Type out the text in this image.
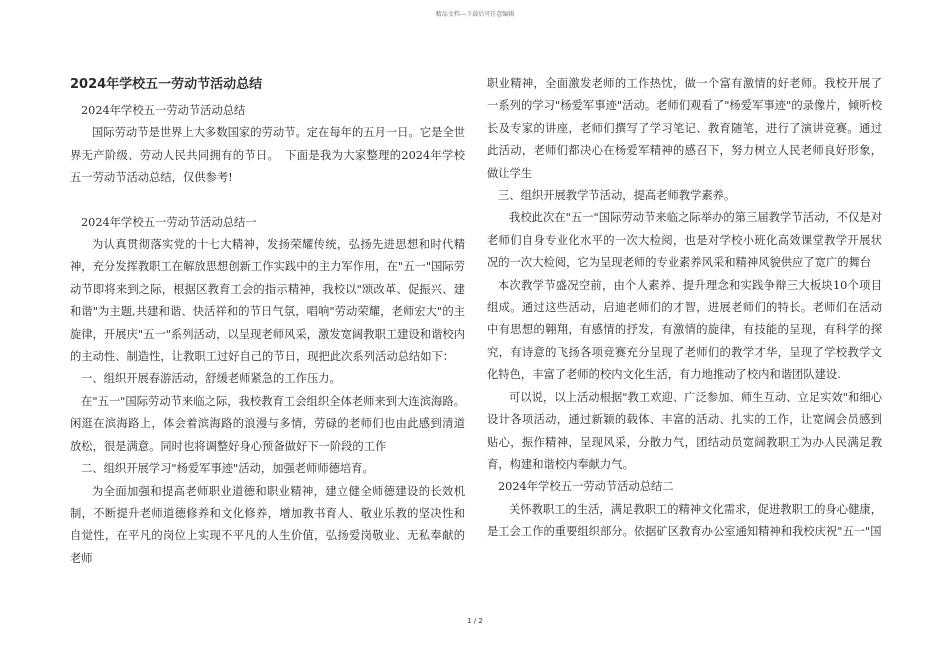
精品文档---下载后可任意编辑

2024年学校五一劳动节活动总结

2024年学校五一劳动节活动总结

国际劳动节是世界上大多数国家的劳动节。定在每年的五月一日。它是全世界无产阶级、劳动人民共同拥有的节日。　下面是我为大家整理的2024年学校五一劳动节活动总结，仅供参考!

2024年学校五一劳动节活动总结一

为认真贯彻落实党的十七大精神，发扬荣耀传统，弘扬先进思想和时代精神，充分发挥教职工在解放思想创新工作实践中的主力军作用，在"五一"国际劳动节即将来到之际，根据区教育工会的指示精神，我校以"颂改革、促振兴、建和谐"为主题,共建和谐、快活祥和的节日气氛，唱响"劳动荣耀，老师宏大"的主旋律，开展庆"五一"系列活动，以呈现老师风采，激发宽阔教职工建设和谐校内的主动性、制造性，让教职工过好自己的节日，现把此次系列活动总结如下：

一、组织开展春游活动，舒缓老师紧急的工作压力。

在"五一"国际劳动节来临之际，我校教育工会组织全体老师来到大连滨海路。闲逛在滨海路上，体会着滨海路的浪漫与多情，劳碌的老师们也由此感到清道放松，很是满意。同时也将调整好身心预备做好下一阶段的工作

二、组织开展学习"杨爱军事迹"活动，加强老师师德培育。

为全面加强和提高老师职业道德和职业精神，建立健全师德建设的长效机制，不断提升老师道德修养和文化修养，增加教书育人、敬业乐教的坚决性和自觉性，在平凡的岗位上实现不平凡的人生价值，弘扬爱岗敬业、无私奉献的老师

职业精神，全面激发老师的工作热忱，做一个富有激情的好老师。我校开展了一系列的学习"杨爱军事迹"活动。老师们观看了"杨爱军事迹"的录像片，倾听校长及专家的讲座，老师们撰写了学习笔记、教育随笔，进行了演讲竞赛。通过此活动，老师们都决心在杨爱军精神的感召下，努力树立人民老师良好形象，做让学生

三、组织开展教学节活动，提高老师教学素养。

我校此次在"五一"国际劳动节来临之际举办的第三届教学节活动，不仅是对老师们自身专业化水平的一次大检阅，也是对学校小班化高效课堂教学开展状况的一次大检阅，它为呈现老师的专业素养风采和精神风貌供应了宽广的舞台

本次教学节盛况空前，由个人素养、提升理念和实践争辩三大板块10个项目组成。通过这些活动，启迪老师们的才智，进展老师们的特长。老师们在活动中有思想的翱翔，有感情的抒发，有激情的旋律，有技能的呈现，有科学的探究，有诗意的飞扬各项竞赛充分呈现了老师们的教学才华，呈现了学校教学文化特色，丰富了老师的校内文化生活，有力地推动了校内和谐团队建设.

可以说，以上活动根据"教工欢迎、广泛参加、师生互动、立足实效"和细心设计各项活动，通过新颖的载体、丰富的活动、扎实的工作，让宽阔会员感到贴心，振作精神，呈现风采，分散力气，团结动员宽阔教职工为办人民满足教育，构建和谐校内奉献力气。

2024年学校五一劳动节活动总结二

关怀教职工的生活，满足教职工的精神文化需求，促进教职工的身心健康，是工会工作的重要组织部分。依据矿区教育办公室通知精神和我校庆祝"五一"国

1 / 2
